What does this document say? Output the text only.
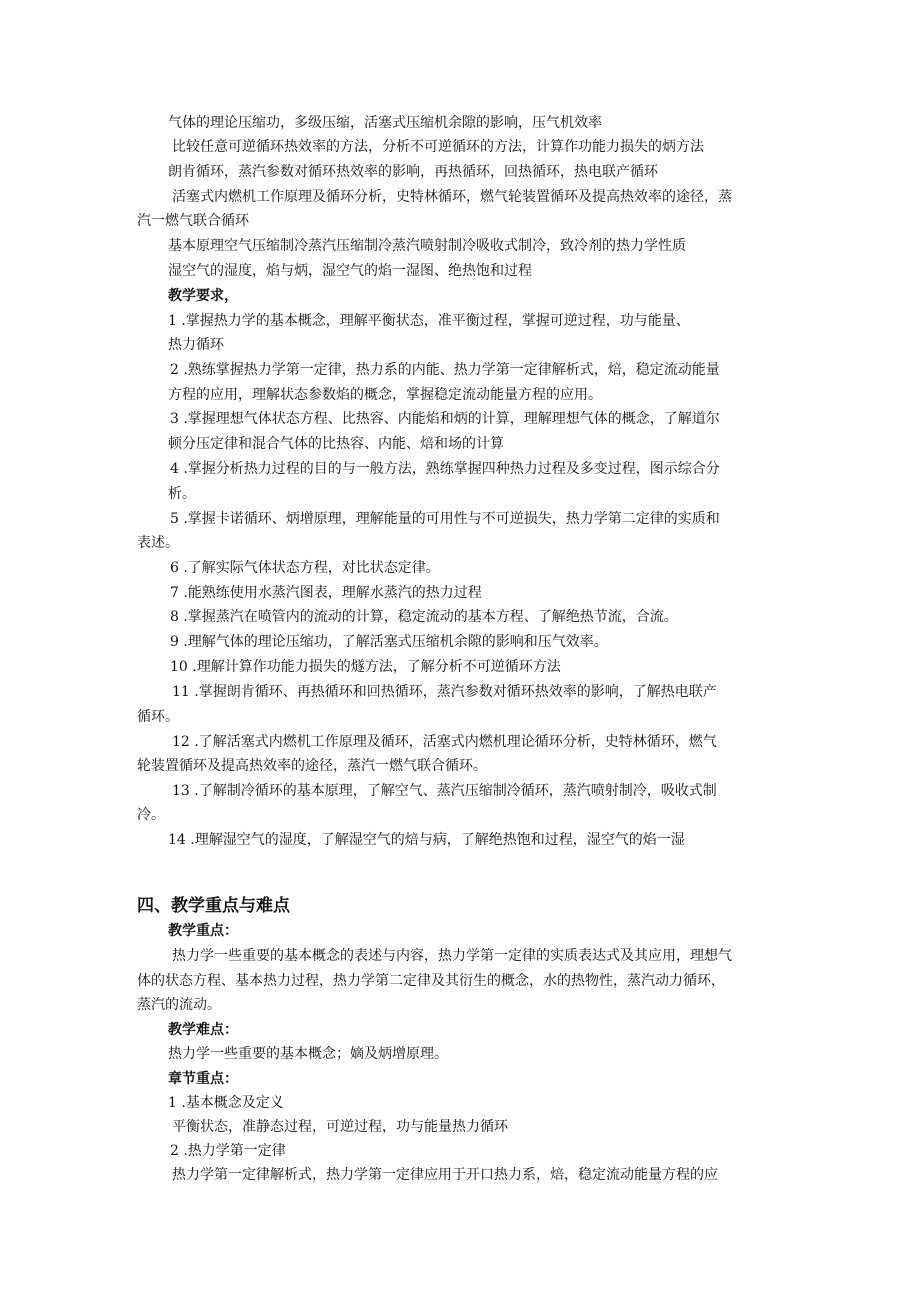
气体的理论压缩功，多级压缩，活塞式压缩机余隙的影响，压气机效率
比较任意可逆循环热效率的方法，分析不可逆循环的方法，计算作功能力损失的炳方法
朗肯循环，蒸汽参数对循环热效率的影响，再热循环，回热循环，热电联产循环
活塞式内燃机工作原理及循环分析，史特林循环，燃气轮装置循环及提高热效率的途径，蒸
汽一燃气联合循环
基本原理空气压缩制冷蒸汽压缩制冷蒸汽喷射制冷吸收式制冷，致冷剂的热力学性质
湿空气的湿度，焰与炳，湿空气的焰一湿图、绝热饱和过程
教学要求，
1 .掌握热力学的基本概念，理解平衡状态，准平衡过程，掌握可逆过程，功与能量、
热力循环
2 .熟练掌握热力学第一定律，热力系的内能、热力学第一定律解析式，焙，稳定流动能量
方程的应用，理解状态参数焰的概念，掌握稳定流动能量方程的应用。
3 .掌握理想气体状态方程、比热容、内能焰和炳的计算，理解理想气体的概念，了解道尔
顿分压定律和混合气体的比热容、内能、焙和场的计算
4 .掌握分析热力过程的目的与一般方法，熟练掌握四种热力过程及多变过程，图示综合分
析。
5 .掌握卡诺循环、炳增原理，理解能量的可用性与不可逆损失，热力学第二定律的实质和
表述。
6 .了解实际气体状态方程，对比状态定律。
7 .能熟练使用水蒸汽图表，理解水蒸汽的热力过程
8 .掌握蒸汽在喷管内的流动的计算，稳定流动的基本方程、了解绝热节流，合流。
9 .理解气体的理论压缩功，了解活塞式压缩机余隙的影响和压气效率。
10 .理解计算作功能力损失的燧方法，了解分析不可逆循环方法
11 .掌握朗肯循环、再热循环和回热循环，蒸汽参数对循环热效率的影响，了解热电联产
循环。
12 .了解活塞式内燃机工作原理及循环，活塞式内燃机理论循环分析，史特林循环，燃气
轮装置循环及提高热效率的途径，蒸汽一燃气联合循环。
13 .了解制冷循环的基本原理，了解空气、蒸汽压缩制冷循环，蒸汽喷射制冷，吸收式制
冷。
14 .理解湿空气的湿度，了解湿空气的焙与病，了解绝热饱和过程，湿空气的焰一湿
四、教学重点与难点
教学重点：
热力学一些重要的基本概念的表述与内容，热力学第一定律的实质表达式及其应用，理想气
体的状态方程、基本热力过程，热力学第二定律及其衍生的概念，水的热物性，蒸汽动力循环，
蒸汽的流动。
教学难点：
热力学一些重要的基本概念；嫡及炳增原理。
章节重点：
1 .基本概念及定义
平衡状态，准静态过程，可逆过程，功与能量热力循环
2 .热力学第一定律
热力学第一定律解析式，热力学第一定律应用于开口热力系，焙，稳定流动能量方程的应
